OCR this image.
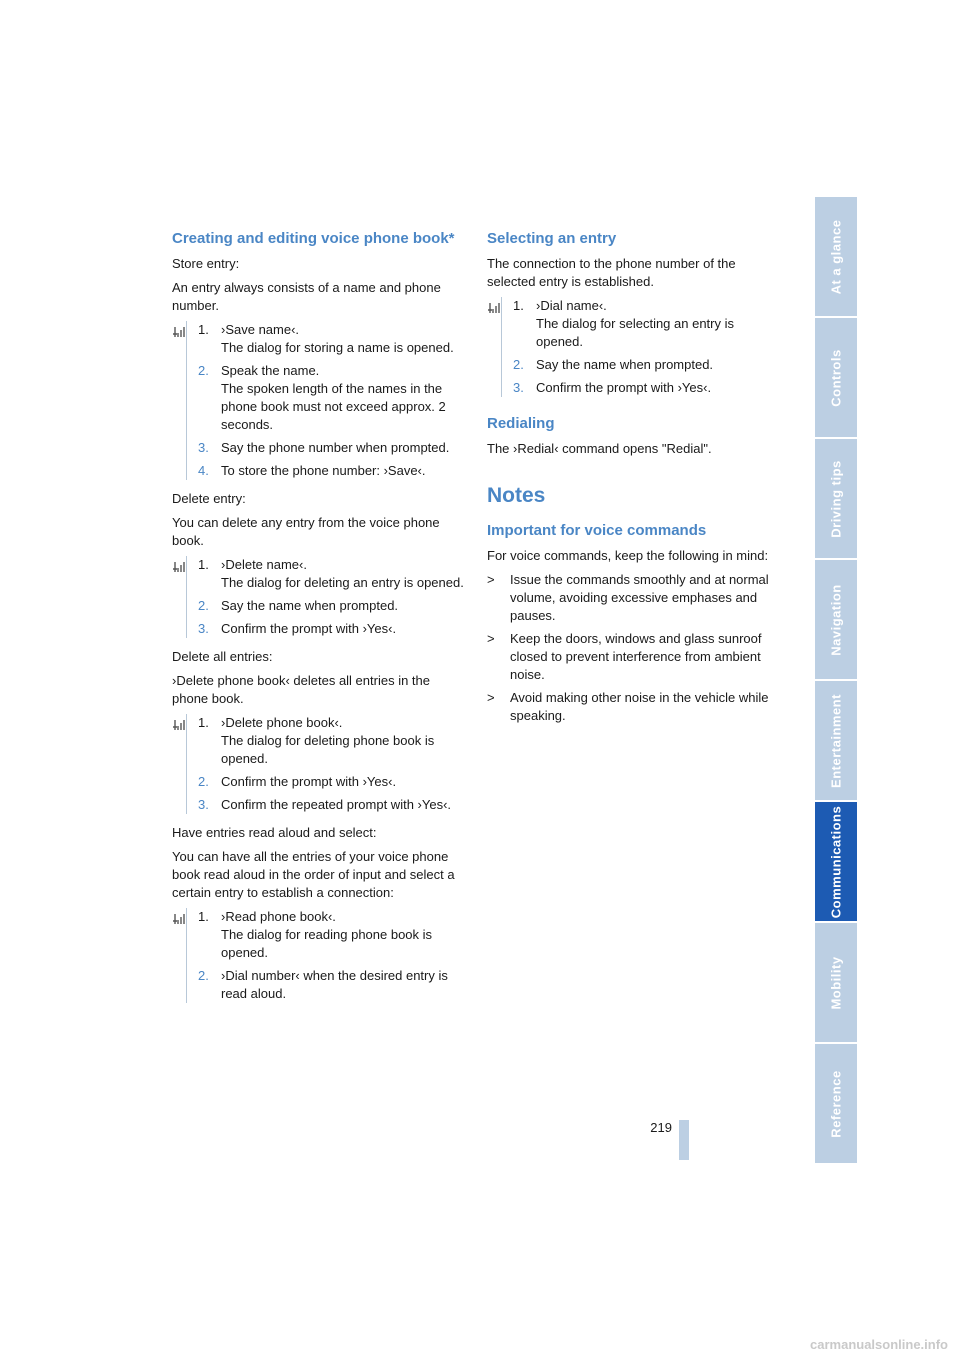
Creating and editing voice phone book*

Store entry:

An entry always consists of a name and phone number.

1. ›Save name‹.
The dialog for storing a name is opened.
2. Speak the name.
The spoken length of the names in the phone book must not exceed approx. 2 seconds.
3. Say the phone number when prompted.
4. To store the phone number: ›Save‹.

Delete entry:

You can delete any entry from the voice phone book.

1. ›Delete name‹.
The dialog for deleting an entry is opened.
2. Say the name when prompted.
3. Confirm the prompt with ›Yes‹.

Delete all entries:

›Delete phone book‹ deletes all entries in the phone book.

1. ›Delete phone book‹.
The dialog for deleting phone book is opened.
2. Confirm the prompt with ›Yes‹.
3. Confirm the repeated prompt with ›Yes‹.

Have entries read aloud and select:

You can have all the entries of your voice phone book read aloud in the order of input and select a certain entry to establish a connection:

1. ›Read phone book‹.
The dialog for reading phone book is opened.
2. ›Dial number‹ when the desired entry is read aloud.
Selecting an entry

The connection to the phone number of the selected entry is established.

1. ›Dial name‹.
The dialog for selecting an entry is opened.
2. Say the name when prompted.
3. Confirm the prompt with ›Yes‹.
Redialing

The ›Redial‹ command opens "Redial".

Notes
Important for voice commands

For voice commands, keep the following in mind:

>	Issue the commands smoothly and at normal volume, avoiding excessive emphases and pauses.
>	Keep the doors, windows and glass sunroof closed to prevent interference from ambient noise.
>	Avoid making other noise in the vehicle while speaking.
At a glance
Controls
Driving tips
Navigation
Entertainment
Communications
Mobility
Reference
219
carmanualsonline.info
